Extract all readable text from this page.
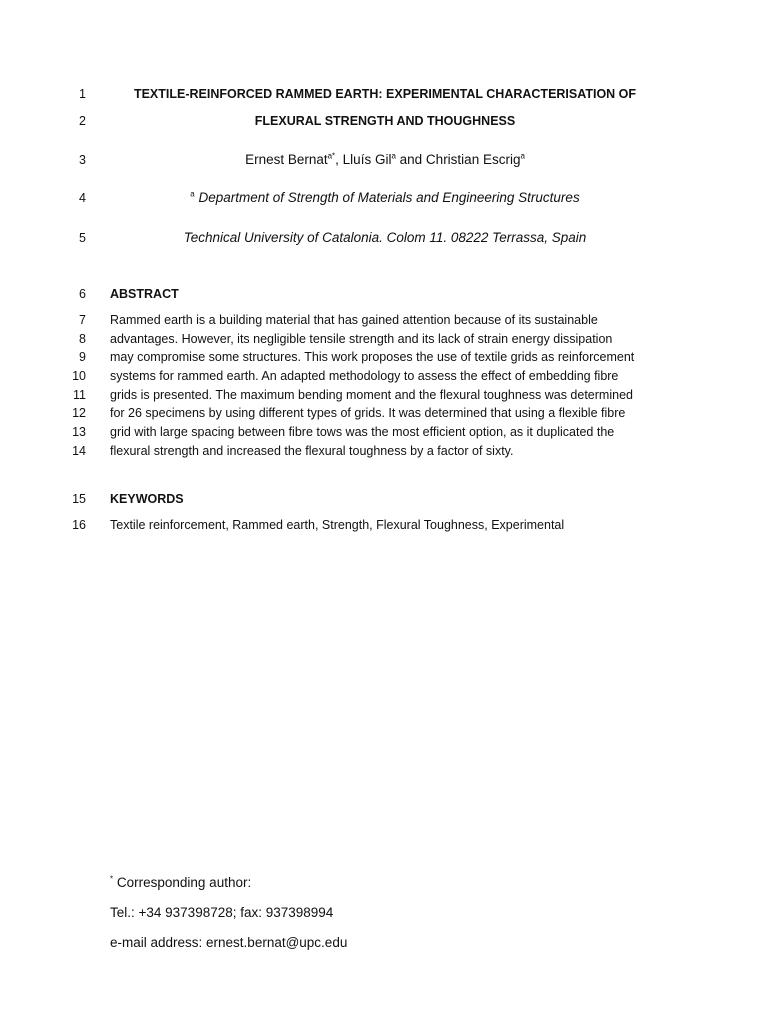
1
2
3
4
5
6
7
8
9
10
11
12
13
14
15
16
TEXTILE-REINFORCED RAMMED EARTH: EXPERIMENTAL CHARACTERISATION OF
FLEXURAL STRENGTH AND THOUGHNESS
Ernest Bernat$^{a*}$, Lluís Gil$^a$ and Christian Escrig$^a$
$^a$ Department of Strength of Materials and Engineering Structures
Technical University of Catalonia. Colom 11. 08222 Terrassa, Spain
ABSTRACT
Rammed earth is a building material that has gained attention because of its sustainable
advantages. However, its negligible tensile strength and its lack of strain energy dissipation
may compromise some structures. This work proposes the use of textile grids as reinforcement
systems for rammed earth. An adapted methodology to assess the effect of embedding fibre
grids is presented. The maximum bending moment and the flexural toughness was determined
for 26 specimens by using different types of grids. It was determined that using a flexible fibre
grid with large spacing between fibre tows was the most efficient option, as it duplicated the
flexural strength and increased the flexural toughness by a factor of sixty.
KEYWORDS
Textile reinforcement, Rammed earth, Strength, Flexural Toughness, Experimental
* Corresponding author:
Tel.: +34 937398728; fax: 937398994
e-mail address: ernest.bernat@upc.edu
